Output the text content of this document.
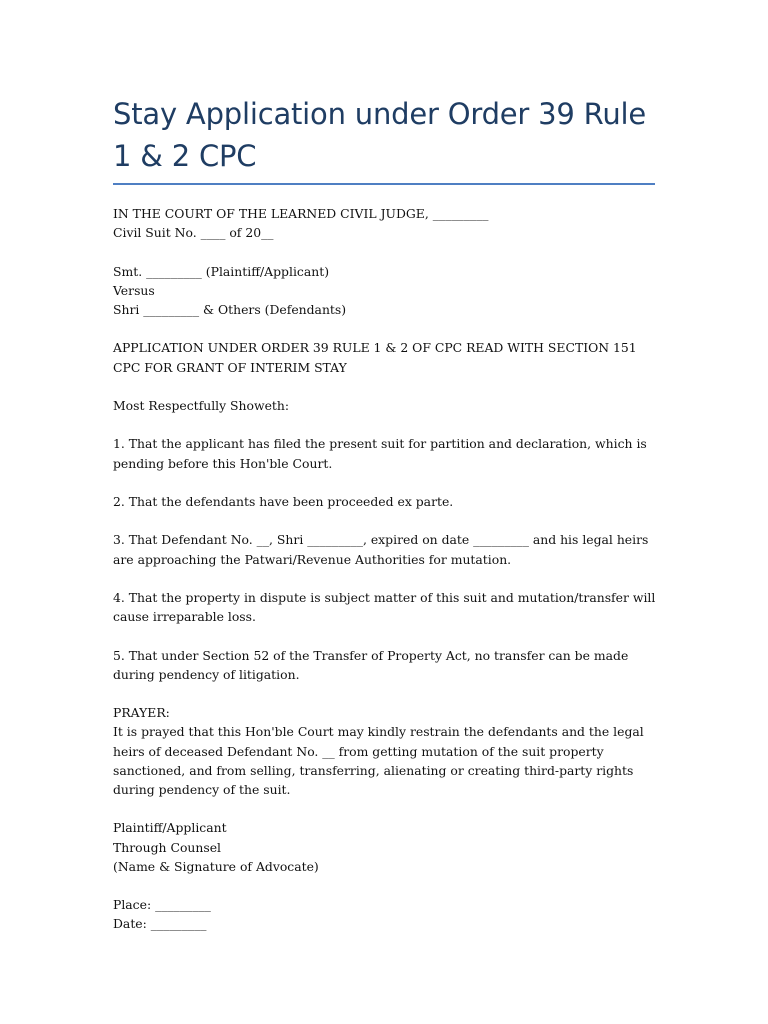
Stay Application under Order 39 Rule 1 & 2 CPC

IN THE COURT OF THE LEARNED CIVIL JUDGE, _________
Civil Suit No. ____ of 20__

Smt. _________ (Plaintiff/Applicant)
Versus
Shri _________ & Others (Defendants)

APPLICATION UNDER ORDER 39 RULE 1 & 2 OF CPC READ WITH SECTION 151 CPC FOR GRANT OF INTERIM STAY

Most Respectfully Showeth:

1. That the applicant has filed the present suit for partition and declaration, which is pending before this Hon'ble Court.

2. That the defendants have been proceeded ex parte.

3. That Defendant No. __, Shri _________, expired on date _________ and his legal heirs are approaching the Patwari/Revenue Authorities for mutation.

4. That the property in dispute is subject matter of this suit and mutation/transfer will cause irreparable loss.

5. That under Section 52 of the Transfer of Property Act, no transfer can be made during pendency of litigation.

PRAYER:
It is prayed that this Hon'ble Court may kindly restrain the defendants and the legal heirs of deceased Defendant No. __ from getting mutation of the suit property sanctioned, and from selling, transferring, alienating or creating third-party rights during pendency of the suit.

Plaintiff/Applicant
Through Counsel
(Name & Signature of Advocate)

Place: _________
Date: _________
